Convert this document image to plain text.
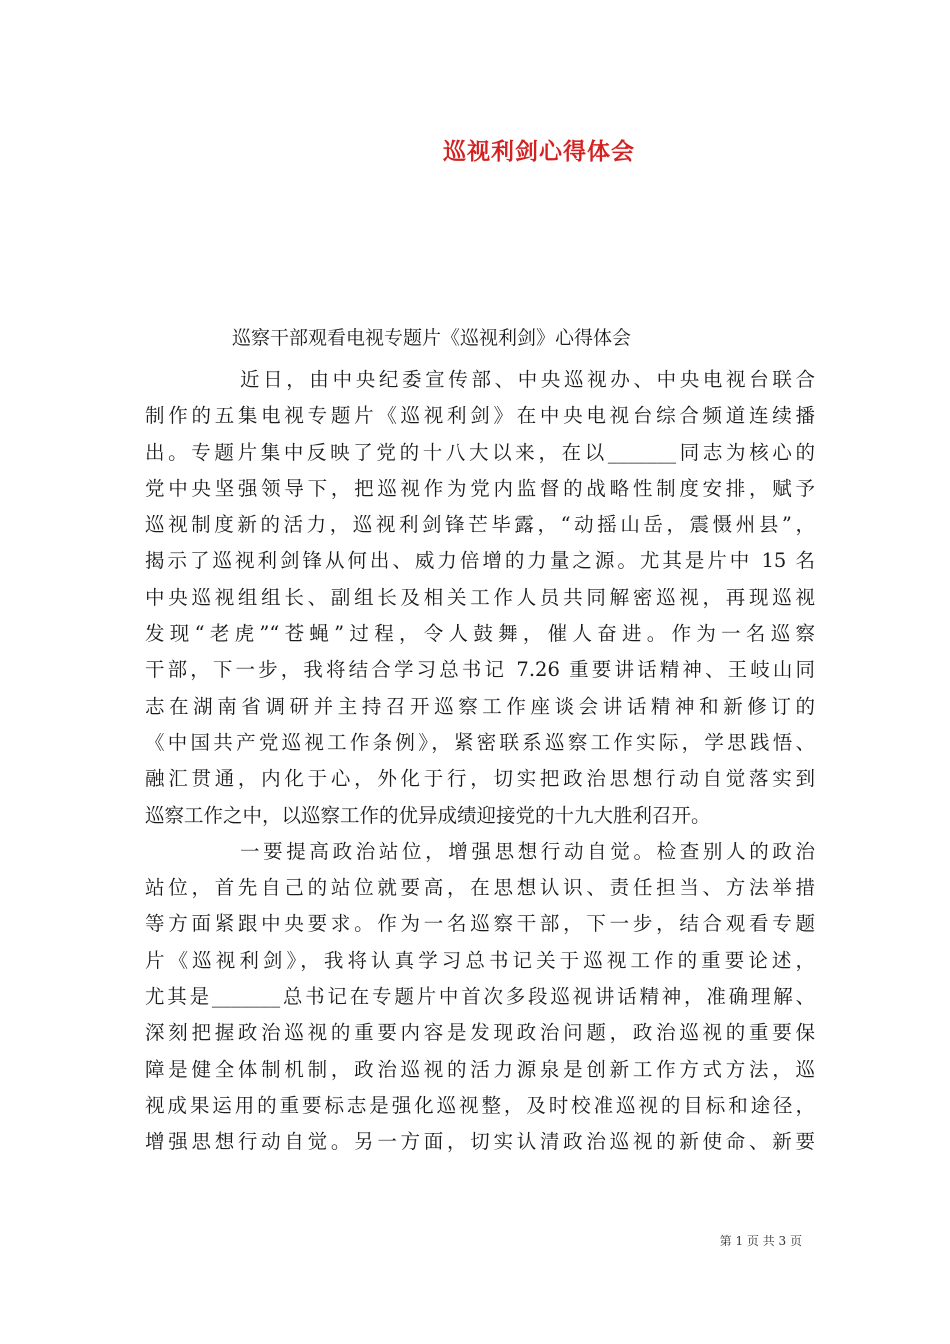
巡视利剑心得体会

巡察干部观看电视专题片《巡视利剑》心得体会

近日，由中央纪委宣传部、中央巡视办、中央电视台联合
制作的五集电视专题片《巡视利剑》在中央电视台综合频道连续播
出。专题片集中反映了党的十八大以来，在以_______同志为核心的
党中央坚强领导下，把巡视作为党内监督的战略性制度安排，赋予
巡视制度新的活力，巡视利剑锋芒毕露，“动摇山岳，震慑州县”，
揭示了巡视利剑锋从何出、威力倍增的力量之源。尤其是片中 15 名
中央巡视组组长、副组长及相关工作人员共同解密巡视，再现巡视
发现“老虎”“苍蝇”过程，令人鼓舞，催人奋进。作为一名巡察
干部，下一步，我将结合学习总书记 7.26 重要讲话精神、王岐山同
志在湖南省调研并主持召开巡察工作座谈会讲话精神和新修订的
《中国共产党巡视工作条例》，紧密联系巡察工作实际，学思践悟、
融汇贯通，内化于心，外化于行，切实把政治思想行动自觉落实到
巡察工作之中，以巡察工作的优异成绩迎接党的十九大胜利召开。
一要提高政治站位，增强思想行动自觉。检查别人的政治
站位，首先自己的站位就要高，在思想认识、责任担当、方法举措
等方面紧跟中央要求。作为一名巡察干部，下一步，结合观看专题
片《巡视利剑》，我将认真学习总书记关于巡视工作的重要论述，
尤其是_______总书记在专题片中首次多段巡视讲话精神，准确理解、
深刻把握政治巡视的重要内容是发现政治问题，政治巡视的重要保
障是健全体制机制，政治巡视的活力源泉是创新工作方式方法，巡
视成果运用的重要标志是强化巡视整，及时校准巡视的目标和途径，
增强思想行动自觉。另一方面，切实认清政治巡视的新使命、新要

第 1 页 共 3 页
